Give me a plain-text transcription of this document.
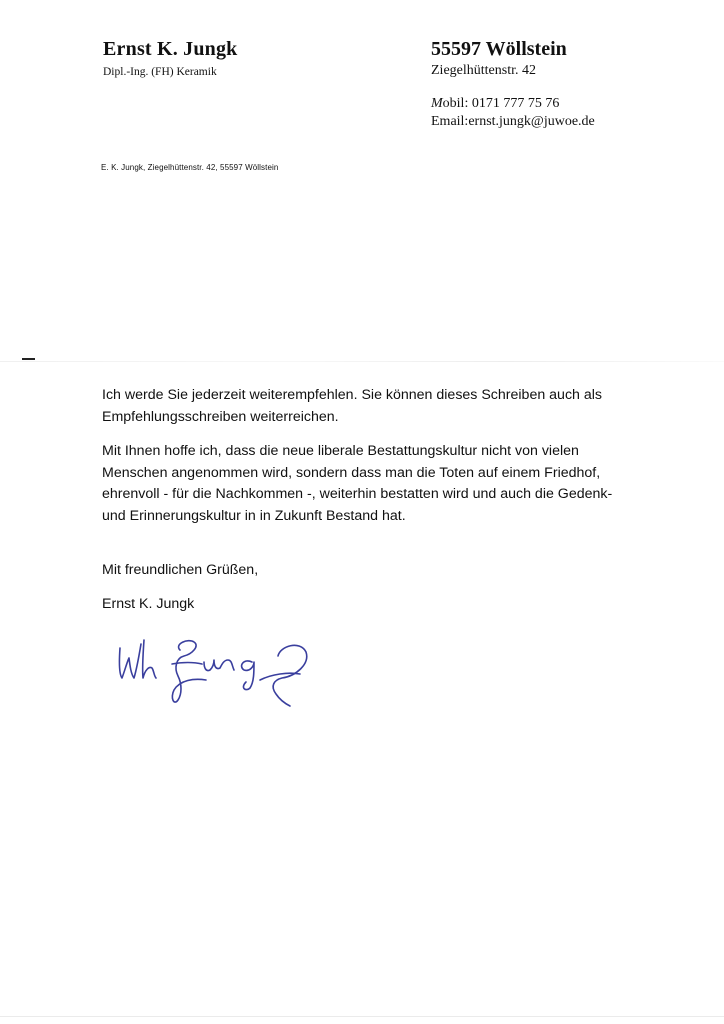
Ernst K. Jungk
Dipl.-Ing. (FH) Keramik
55597 Wöllstein
Ziegelhüttenstr. 42
Mobil: 0171 777 75 76
Email:ernst.jungk@juwoe.de
E. K. Jungk, Ziegelhüttenstr. 42, 55597 Wöllstein

Ich werde Sie jederzeit weiterempfehlen. Sie können dieses Schreiben auch als
Empfehlungsschreiben weiterreichen.

Mit Ihnen hoffe ich, dass die neue liberale Bestattungskultur nicht von vielen
Menschen angenommen wird, sondern dass man die Toten auf einem Friedhof,
ehrenvoll - für die Nachkommen -, weiterhin bestatten wird und auch die Gedenk-
und Erinnerungskultur in in Zukunft Bestand hat.

Mit freundlichen Grüßen,
Ernst K. Jungk
